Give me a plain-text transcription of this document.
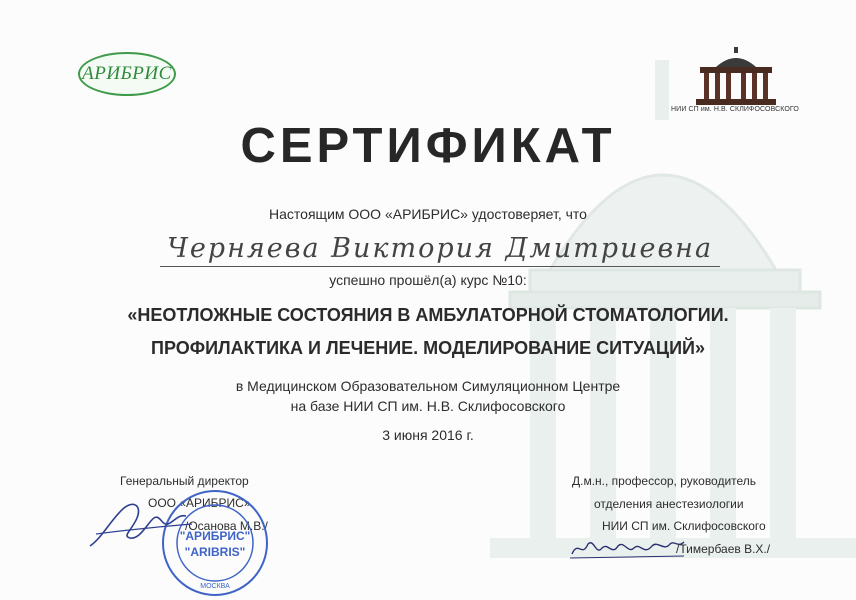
АРИБРИС
НИИ СП им. Н.В. СКЛИФОСОВСКОГО
СЕРТИФИКАТ
Настоящим ООО «АРИБРИС» удостоверяет, что
Черняева Виктория Дмитриевна
успешно прошёл(а) курс №10:
«НЕОТЛОЖНЫЕ СОСТОЯНИЯ В АМБУЛАТОРНОЙ СТОМАТОЛОГИИ.
ПРОФИЛАКТИКА И ЛЕЧЕНИЕ. МОДЕЛИРОВАНИЕ СИТУАЦИЙ»
в Медицинском Образовательном Симуляционном Центре
на базе НИИ СП им. Н.В. Склифосовского
3 июня 2016 г.
Генеральный директор
ООО «АРИБРИС»
/Осанова М.В./
Д.м.н., профессор, руководитель
отделения анестезиологии
НИИ СП им. Склифосовского
/Тимербаев В.Х./
"АРИБРИС"
"ARIBRIS"
МОСКВА
